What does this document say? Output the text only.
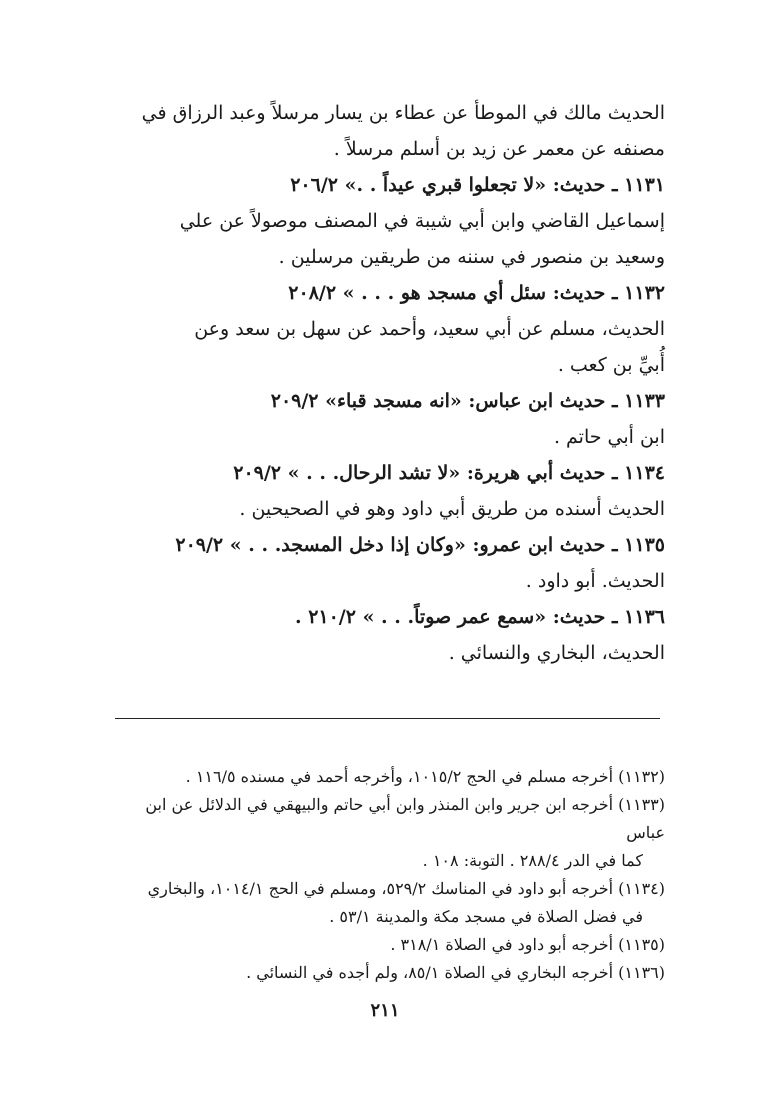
الحديث مالك في الموطأ عن عطاء بن يسار مرسلاً وعبد الرزاق في

مصنفه عن معمر عن زيد بن أسلم مرسلاً .

١١٣١ ـ حديث: «لا تجعلوا قبري عيداً . .» ٢٠٦/٢

إسماعيل القاضي وابن أبي شيبة في المصنف موصولاً عن علي

وسعيد بن منصور في سننه من طريقين مرسلين .

١١٣٢ ـ حديث: سئل أي مسجد هو . . . » ٢٠٨/٢

الحديث، مسلم عن أبي سعيد، وأحمد عن سهل بن سعد وعن

أُبيِّ بن كعب .

١١٣٣ ـ حديث ابن عباس: «انه مسجد قباء» ٢٠٩/٢

ابن أبي حاتم .

١١٣٤ ـ حديث أبي هريرة: «لا تشد الرحال. . . » ٢٠٩/٢

الحديث أسنده من طريق أبي داود وهو في الصحيحين .

١١٣٥ ـ حديث ابن عمرو: «وكان إذا دخل المسجد. . . » ٢٠٩/٢

الحديث. أبو داود .

١١٣٦ ـ حديث: «سمع عمر صوتاً. . . » ٢١٠/٢ .

الحديث، البخاري والنسائي .

(١١٣٢) أخرجه مسلم في الحج ١٠١٥/٢، وأخرجه أحمد في مسنده ١١٦/٥ .

(١١٣٣) أخرجه ابن جرير وابن المنذر وابن أبي حاتم والبيهقي في الدلائل عن ابن عباس
كما في الدر ٢٨٨/٤ . التوبة: ١٠٨ .

(١١٣٤) أخرجه أبو داود في المناسك ٥٢٩/٢، ومسلم في الحج ١٠١٤/١، والبخاري
في فضل الصلاة في مسجد مكة والمدينة ٥٣/١ .

(١١٣٥) أخرجه أبو داود في الصلاة ٣١٨/١ .

(١١٣٦) أخرجه البخاري في الصلاة ٨٥/١، ولم أجده في النسائي .

٢١١
